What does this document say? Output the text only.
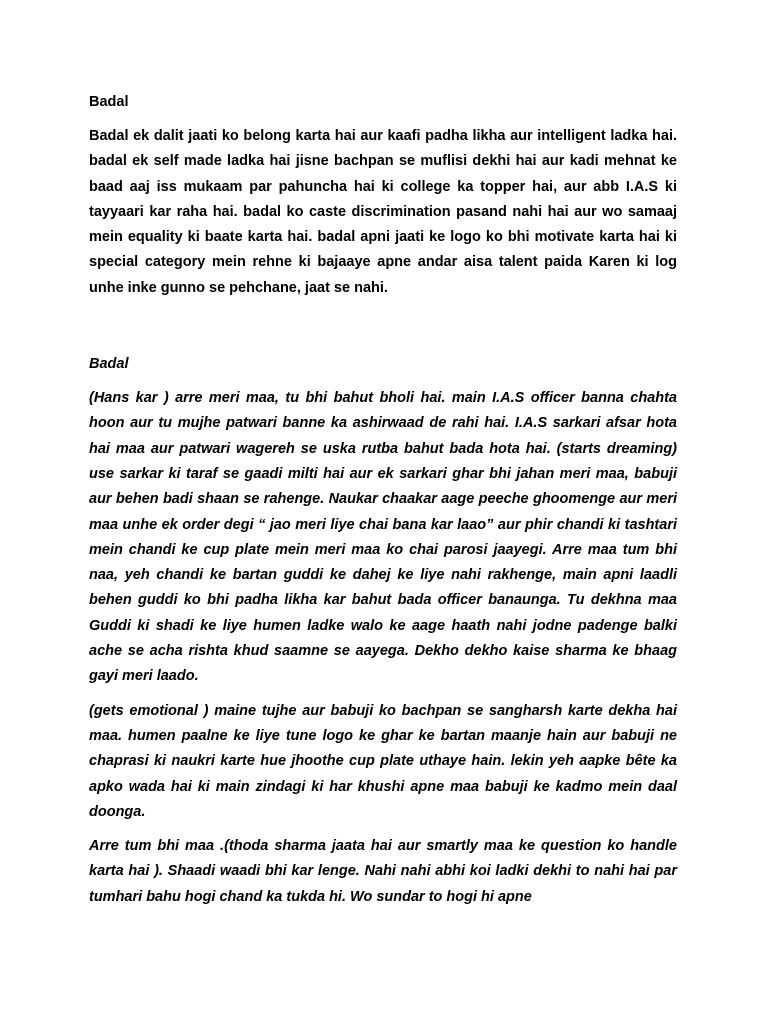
Badal

Badal ek dalit jaati ko belong karta hai aur kaafi padha likha aur intelligent ladka hai. badal ek self made ladka hai jisne bachpan se muflisi dekhi hai aur kadi mehnat ke baad aaj iss mukaam par pahuncha hai ki college ka topper hai, aur abb I.A.S ki tayyaari kar raha hai. badal ko caste discrimination pasand nahi hai aur wo samaaj mein equality ki baate karta hai. badal apni jaati ke logo ko bhi motivate karta hai ki special category mein rehne ki bajaaye apne andar aisa talent paida Karen ki log unhe inke gunno se pehchane, jaat se nahi.

Badal

(Hans kar ) arre meri maa, tu bhi bahut bholi hai. main I.A.S officer banna chahta hoon aur tu mujhe patwari banne ka ashirwaad de rahi hai. I.A.S sarkari afsar hota hai maa aur patwari wagereh se uska rutba bahut bada hota hai. (starts dreaming) use sarkar ki taraf se gaadi milti hai aur ek sarkari ghar bhi jahan meri maa, babuji aur behen badi shaan se rahenge. Naukar chaakar aage peeche ghoomenge aur meri maa unhe ek order degi “ jao meri liye chai bana kar laao” aur phir chandi ki tashtari mein chandi ke cup plate mein meri maa ko chai parosi jaayegi. Arre maa tum bhi naa, yeh chandi ke bartan guddi ke dahej ke liye nahi rakhenge, main apni laadli behen guddi ko bhi padha likha kar bahut bada officer banaunga. Tu dekhna maa Guddi ki shadi ke liye humen ladke walo ke aage haath nahi jodne padenge balki ache se acha rishta khud saamne se aayega. Dekho dekho kaise sharma ke bhaag gayi meri laado.

(gets emotional ) maine tujhe aur babuji ko bachpan se sangharsh karte dekha hai maa. humen paalne ke liye tune logo ke ghar ke bartan maanje hain aur babuji ne chaprasi ki naukri karte hue jhoothe cup plate uthaye hain. lekin yeh aapke bête ka apko wada hai ki main zindagi ki har khushi apne maa babuji ke kadmo mein daal doonga.

Arre tum bhi maa .(thoda sharma jaata hai aur smartly maa ke question ko handle karta hai ). Shaadi waadi bhi kar lenge. Nahi nahi abhi koi ladki dekhi to nahi hai par tumhari bahu hogi chand ka tukda hi. Wo sundar to hogi hi apne
